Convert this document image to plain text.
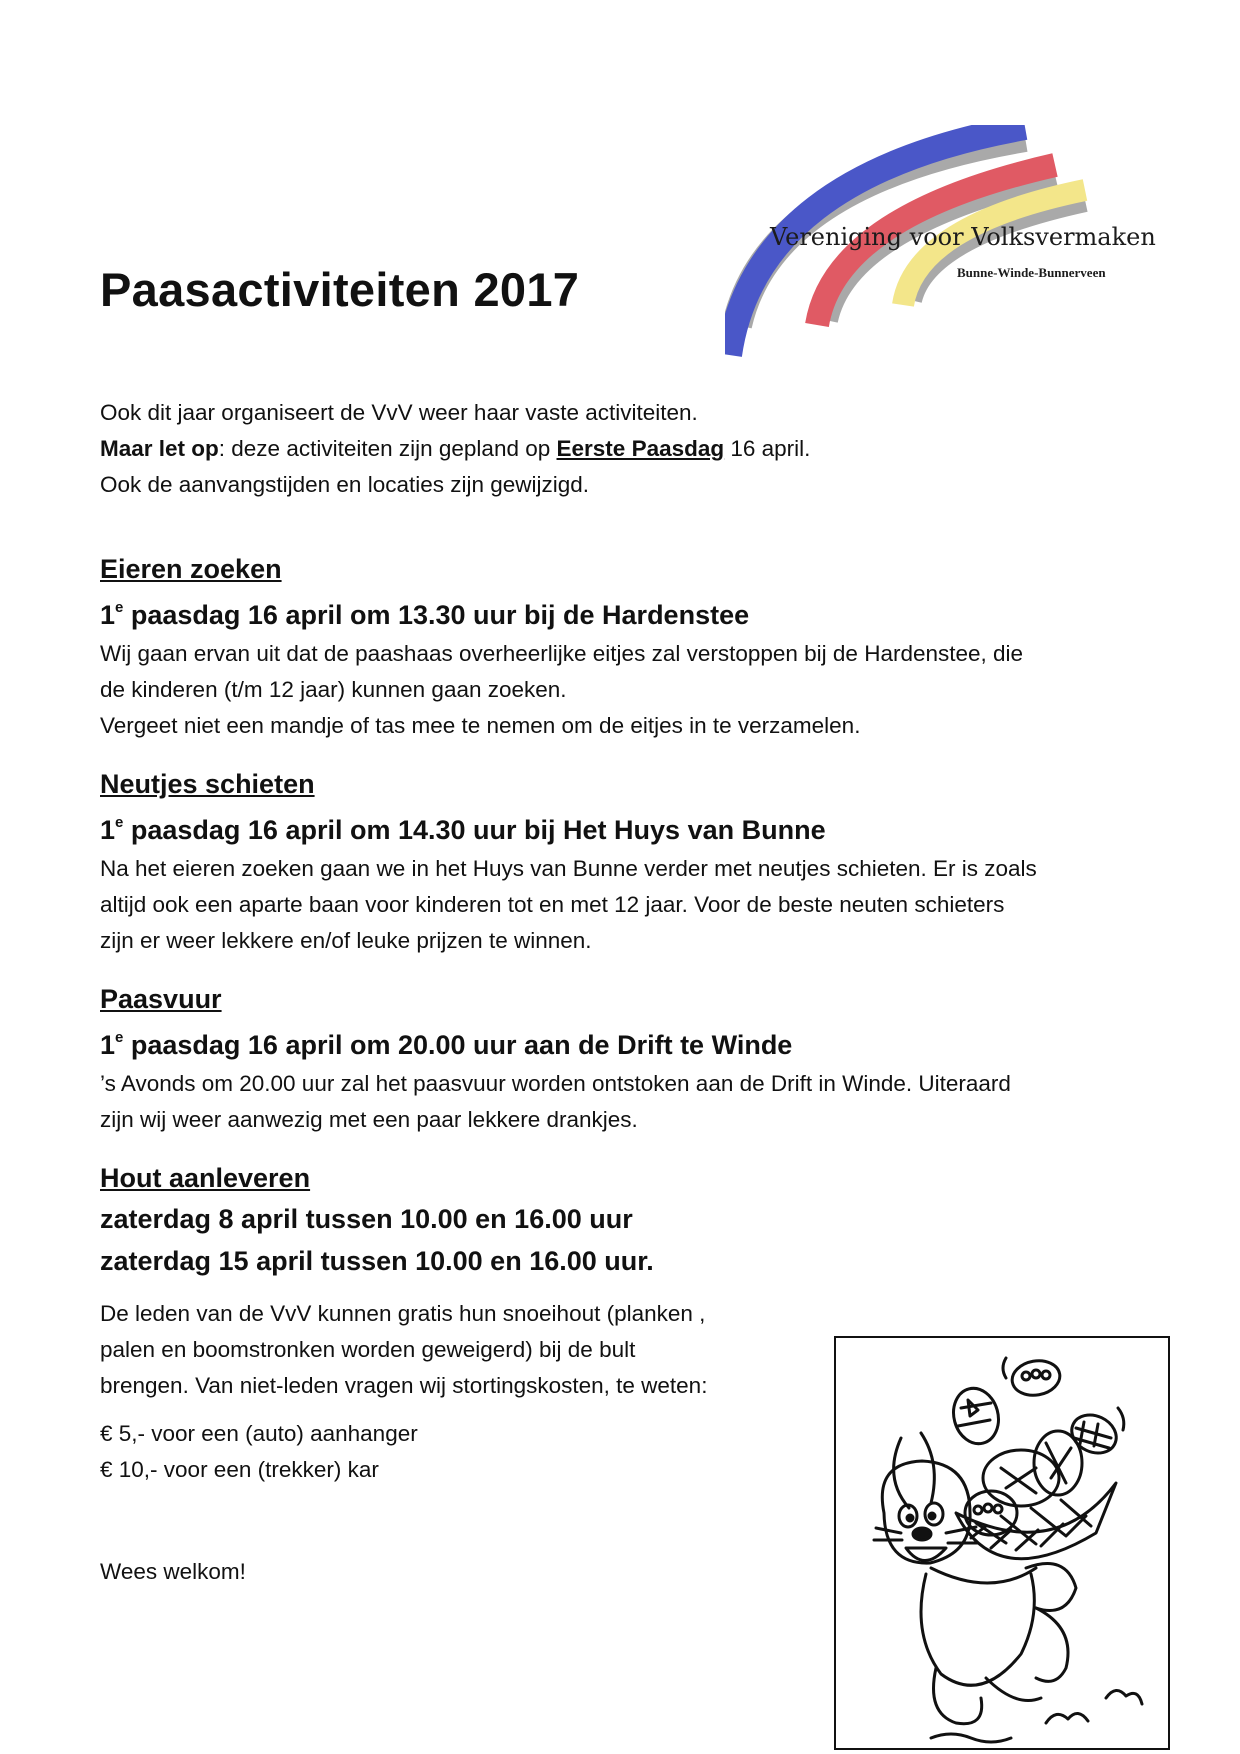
Paasactiviteiten 2017

Vereniging voor Volksvermaken

Bunne-Winde-Bunnerveen

Ook dit jaar organiseert de VvV weer haar vaste activiteiten.

Maar let op: deze activiteiten zijn gepland op Eerste Paasdag 16 april.

Ook de aanvangstijden en locaties zijn gewijzigd.

Eieren zoeken
1e paasdag 16 april om 13.30 uur bij de Hardenstee

Wij gaan ervan uit dat de paashaas overheerlijke eitjes zal verstoppen bij de Hardenstee, die

de kinderen (t/m 12 jaar) kunnen gaan zoeken.

Vergeet niet een mandje of tas mee te nemen om de eitjes in te verzamelen.

Neutjes schieten
1e paasdag 16 april om 14.30 uur bij Het Huys van Bunne

Na het eieren zoeken gaan we in het Huys van Bunne verder met neutjes schieten. Er is zoals

altijd ook een aparte baan voor kinderen tot en met 12 jaar. Voor de beste neuten schieters

zijn er weer lekkere en/of leuke prijzen te winnen.

Paasvuur
1e paasdag 16 april om 20.00 uur aan de Drift te Winde

’s Avonds om 20.00 uur zal het paasvuur worden ontstoken aan de Drift in Winde. Uiteraard

zijn wij weer aanwezig met een paar lekkere drankjes.

Hout aanleveren
zaterdag 8 april tussen 10.00 en 16.00 uur
zaterdag 15 april tussen 10.00 en 16.00 uur.

De leden van de VvV kunnen gratis hun snoeihout (planken ,

palen en boomstronken worden geweigerd) bij de bult

brengen. Van niet-leden vragen wij stortingskosten, te weten:

€ 5,- voor een (auto) aanhanger

€ 10,- voor een (trekker) kar

Wees welkom!
